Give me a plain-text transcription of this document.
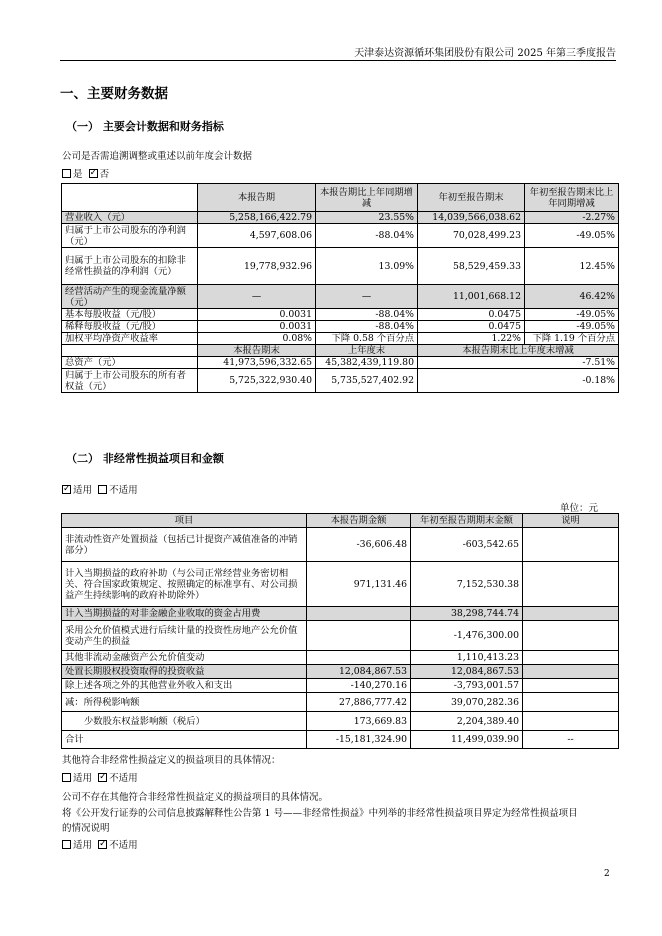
天津泰达资源循环集团股份有限公司 2025 年第三季度报告
一、主要财务数据
（一） 主要会计数据和财务指标
公司是否需追溯调整或重述以前年度会计数据
是 ✓ 否
	本报告期	本报告期比上年同期增减	年初至报告期末	年初至报告期末比上年同期增减
营业收入（元）	5,258,166,422.79	23.55%	14,039,566,038.62	-2.27%
归属于上市公司股东的净利润（元）	4,597,608.06	-88.04%	70,028,499.23	-49.05%
归属于上市公司股东的扣除非经常性损益的净利润（元）	19,778,932.96	13.09%	58,529,459.33	12.45%
经营活动产生的现金流量净额（元）	—	—	11,001,668.12	46.42%
基本每股收益（元/股）	0.0031	-88.04%	0.0475	-49.05%
稀释每股收益（元/股）	0.0031	-88.04%	0.0475	-49.05%
加权平均净资产收益率	0.08%	下降 0.58 个百分点	1.22%	下降 1.19 个百分点
	本报告期末	上年度末	本报告期末比上年度末增减	
总资产（元）	41,973,596,332.65	45,382,439,119.80	-7.51%	
归属于上市公司股东的所有者权益（元）	5,725,322,930.40	5,735,527,402.92	-0.18%	
（二） 非经常性损益项目和金额
✓适用 不适用
单位：元
项目	本报告期金额	年初至报告期期末金额	说明
非流动性资产处置损益（包括已计提资产减值准备的冲销部分）	-36,606.48	-603,542.65	
计入当期损益的政府补助（与公司正常经营业务密切相关、符合国家政策规定、按照确定的标准享有、对公司损益产生持续影响的政府补助除外）	971,131.46	7,152,530.38	
计入当期损益的对非金融企业收取的资金占用费		38,298,744.74	
采用公允价值模式进行后续计量的投资性房地产公允价值变动产生的损益		-1,476,300.00	
其他非流动金融资产公允价值变动		1,110,413.23	
处置长期股权投资取得的投资收益	12,084,867.53	12,084,867.53	
除上述各项之外的其他营业外收入和支出	-140,270.16	-3,793,001.57	
减：所得税影响额	27,886,777.42	39,070,282.36	
少数股东权益影响额（税后）	173,669.83	2,204,389.40	
合计	-15,181,324.90	11,499,039.90	--
其他符合非经常性损益定义的损益项目的具体情况：
适用 ✓ 不适用
公司不存在其他符合非经常性损益定义的损益项目的具体情况。
将《公开发行证券的公司信息披露解释性公告第 1 号——非经常性损益》中列举的非经常性损益项目界定为经常性损益项目
的情况说明
适用 ✓ 不适用
2
